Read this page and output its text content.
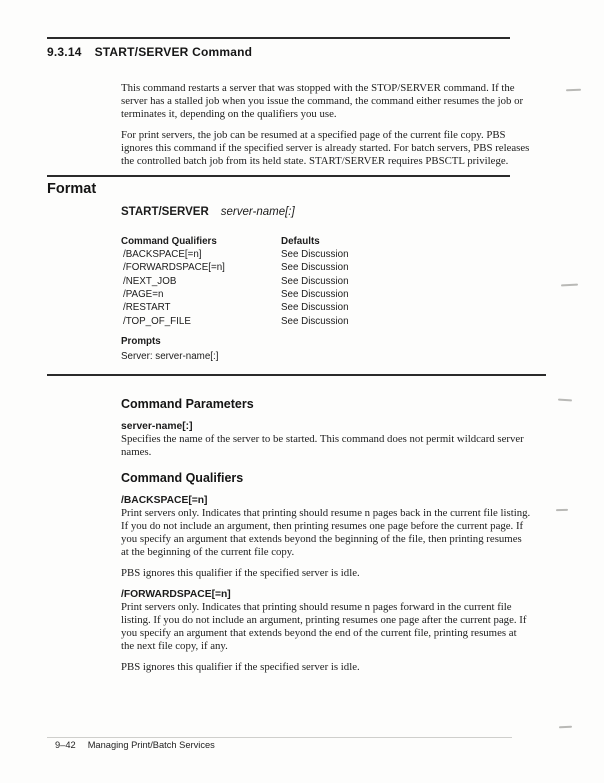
9.3.14 START/SERVER Command

This command restarts a server that was stopped with the STOP/SERVER command. If the server has a stalled job when you issue the command, the command either resumes the job or terminates it, depending on the qualifiers you use.

For print servers, the job can be resumed at a specified page of the current file copy. PBS ignores this command if the specified server is already started. For batch servers, PBS releases the controlled batch job from its held state. START/SERVER requires PBSCTL privilege.

Format
START/SERVER server-name[:]
Command Qualifiers	Defaults
/BACKSPACE[=n]	See Discussion
/FORWARDSPACE[=n]	See Discussion
/NEXT_JOB	See Discussion
/PAGE=n	See Discussion
/RESTART	See Discussion
/TOP_OF_FILE	See Discussion
Prompts
Server: server-name[:]
Command Parameters
server-name[:]

Specifies the name of the server to be started. This command does not permit wildcard server names.

Command Qualifiers
/BACKSPACE[=n]

Print servers only. Indicates that printing should resume n pages back in the current file listing. If you do not include an argument, then printing resumes one page before the current page. If you specify an argument that extends beyond the beginning of the file, then printing resumes at the beginning of the current file copy.

PBS ignores this qualifier if the specified server is idle.

/FORWARDSPACE[=n]

Print servers only. Indicates that printing should resume n pages forward in the current file listing. If you do not include an argument, printing resumes one page after the current page. If you specify an argument that extends beyond the end of the current file, printing resumes at the next file copy, if any.

PBS ignores this qualifier if the specified server is idle.

9–42 Managing Print/Batch Services
